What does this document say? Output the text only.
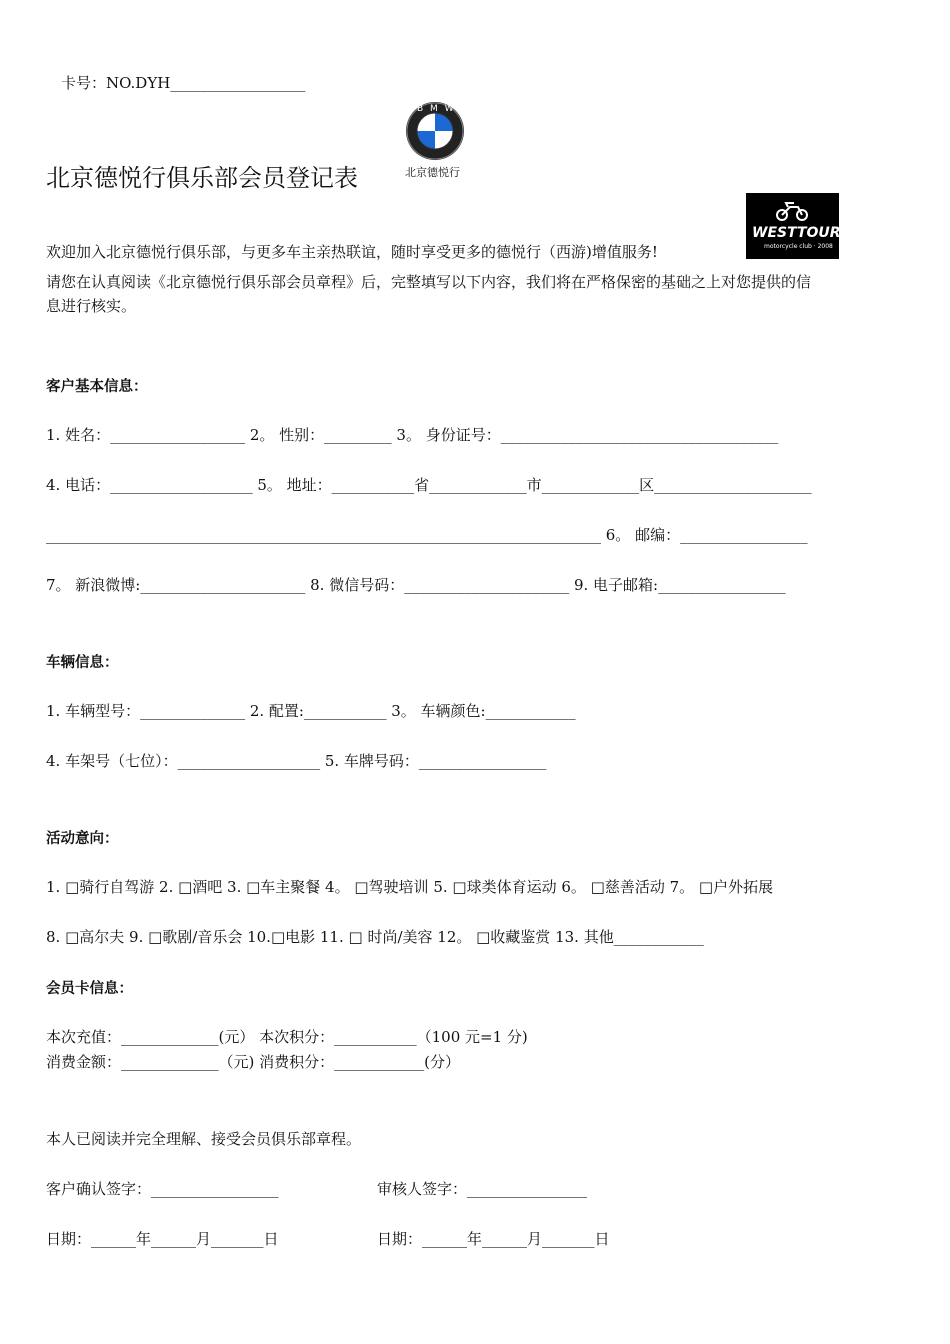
卡号：NO.DYH__________________
B M W
北京德悦行
北京德悦行俱乐部会员登记表
WESTTOUR
motorcycle club · 2008
欢迎加入北京德悦行俱乐部，与更多车主亲热联谊，随时享受更多的德悦行（西游)增值服务!
请您在认真阅读《北京德悦行俱乐部会员章程》后，完整填写以下内容，我们将在严格保密的基础之上对您提供的信
息进行核实。
客户基本信息：
1. 姓名：__________________ 2。 性别：_________ 3。 身份证号：_____________________________________
4. 电话：___________________ 5。 地址：___________省_____________市_____________区_____________________
__________________________________________________________________________ 6。 邮编：_________________
7。 新浪微博:______________________ 8. 微信号码：______________________ 9. 电子邮箱:_________________
车辆信息：
1. 车辆型号：______________ 2. 配置:___________ 3。 车辆颜色:____________
4. 车架号（七位）：___________________ 5. 车牌号码：_________________
活动意向：
1. □骑行自驾游 2. □酒吧 3. □车主聚餐 4。 □驾驶培训 5. □球类体育运动 6。 □慈善活动 7。 □户外拓展
8. □高尔夫 9. □歌剧/音乐会 10.□电影 11. □ 时尚/美容 12。 □收藏鉴赏 13. 其他____________
会员卡信息：
本次充值：_____________(元） 本次积分：___________（100 元=1 分)
消费金额：_____________（元) 消费积分：____________(分）
本人已阅读并完全理解、接受会员俱乐部章程。
客户确认签字：_________________	审核人签字：________________
日期：______年______月_______日	日期：______年______月_______日
